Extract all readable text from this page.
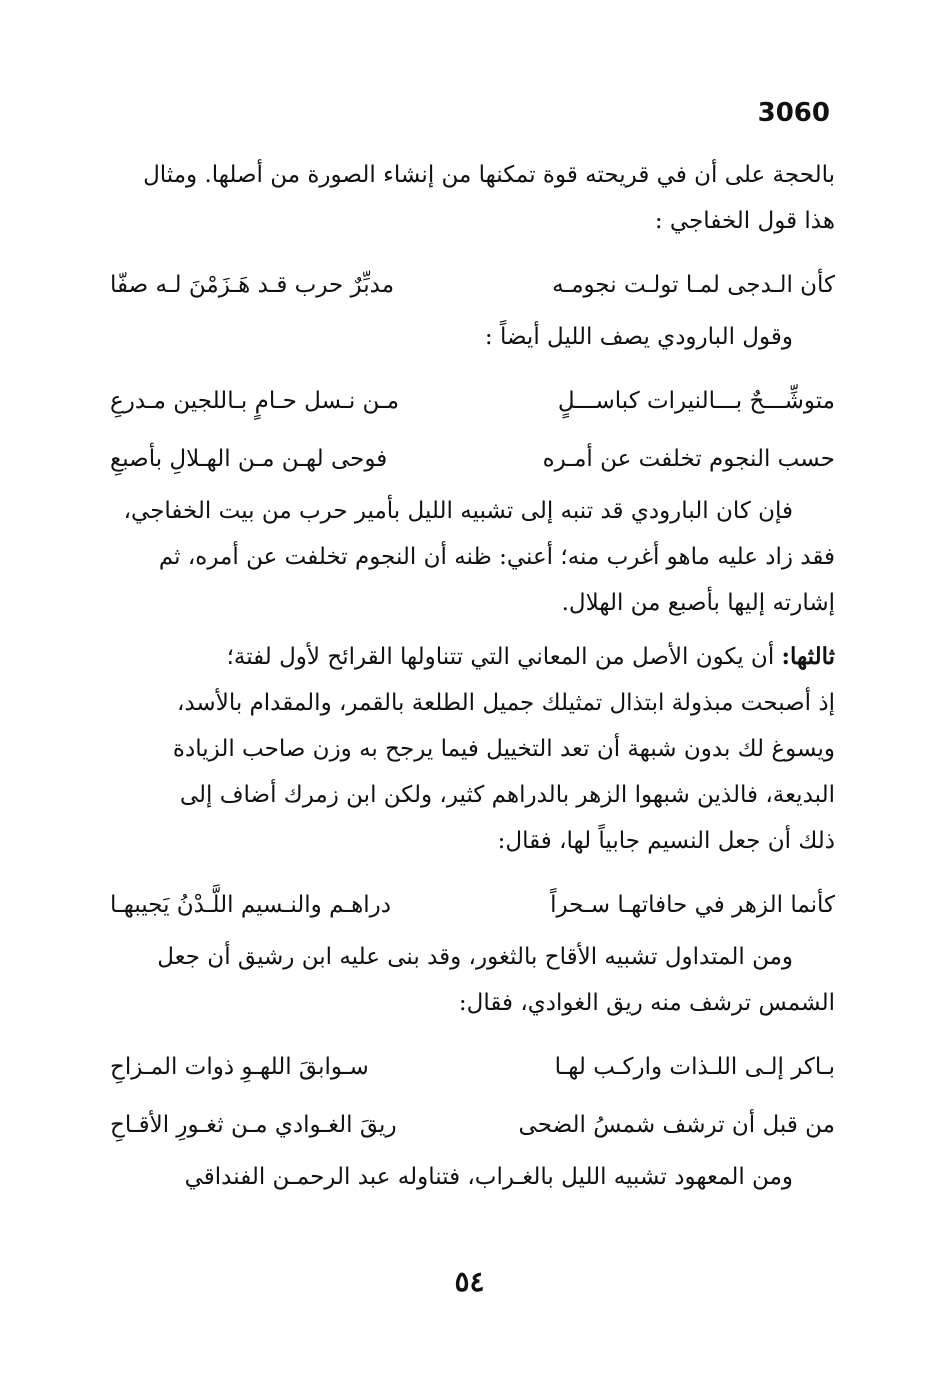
3060

بالحجة على أن في قريحته قوة تمكنها من إنشاء الصورة من أصلها. ومثال

هذا قول الخفاجي :

كأن الـدجى لمـا تولـت نجومـه
مدبِّرٌ حرب قـد هَـزَمْنَ لـه صفّا

وقول البارودي يصف الليل أيضاً :

متوشِّـــحٌ بـــالنيرات كباســـلٍ
مـن نـسل حـامٍ بـاللجين مـدرعِ
حسب النجوم تخلفت عن أمـره
فوحى لهـن مـن الهـلالِ بأصبعِ

فإن كان البارودي قد تنبه إلى تشبيه الليل بأمير حرب من بيت الخفاجي،

فقد زاد عليه ماهو أغرب منه؛ أعني: ظنه أن النجوم تخلفت عن أمره، ثم

إشارته إليها بأصبع من الهلال.

ثالثها: أن يكون الأصل من المعاني التي تتناولها القرائح لأول لفتة؛

إذ أصبحت مبذولة ابتذال تمثيلك جميل الطلعة بالقمر، والمقدام بالأسد،

ويسوغ لك بدون شبهة أن تعد التخييل فيما يرجح به وزن صاحب الزيادة

البديعة، فالذين شبهوا الزهر بالدراهم كثير، ولكن ابن زمرك أضاف إلى

ذلك أن جعل النسيم جابياً لها، فقال:

كأنما الزهر في حافاتهـا سـحراً
دراهـم والنـسيم اللَّـدْنُ يَجيبهـا

ومن المتداول تشبيه الأقاح بالثغور، وقد بنى عليه ابن رشيق أن جعل

الشمس ترشف منه ريق الغوادي، فقال:

بـاكر إلـى اللـذات واركـب لهـا
سـوابقَ اللهـوِ ذوات المـزاحِ
من قبل أن ترشف شمسُ الضحى
ريقَ الغـوادي مـن ثغـورِ الأقـاحِ

ومن المعهود تشبيه الليل بالغـراب، فتناوله عبد الرحمـن الفنداقي

٥٤
